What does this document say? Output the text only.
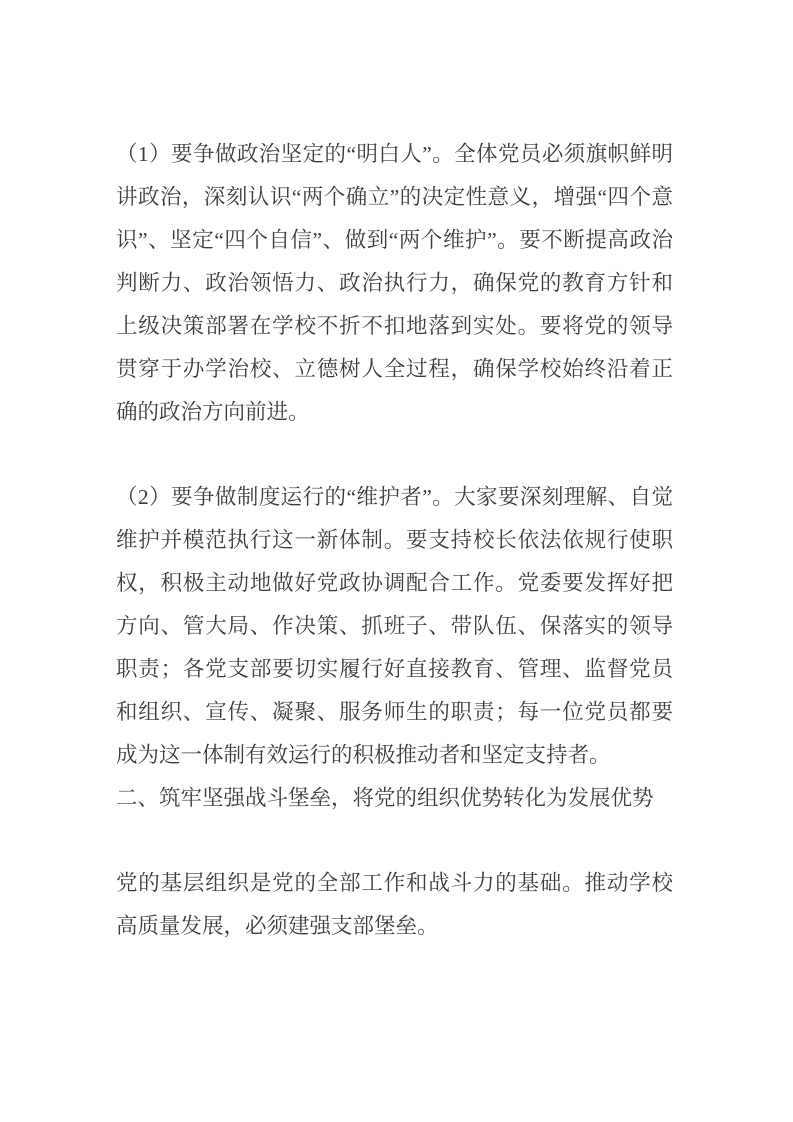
（1）要争做政治坚定的“明白人”。全体党员必须旗帜鲜明讲政治，深刻认识“两个确立”的决定性意义，增强“四个意识”、坚定“四个自信”、做到“两个维护”。要不断提高政治判断力、政治领悟力、政治执行力，确保党的教育方针和上级决策部署在学校不折不扣地落到实处。要将党的领导贯穿于办学治校、立德树人全过程，确保学校始终沿着正确的政治方向前进。

（2）要争做制度运行的“维护者”。大家要深刻理解、自觉维护并模范执行这一新体制。要支持校长依法依规行使职权，积极主动地做好党政协调配合工作。党委要发挥好把方向、管大局、作决策、抓班子、带队伍、保落实的领导职责；各党支部要切实履行好直接教育、管理、监督党员和组织、宣传、凝聚、服务师生的职责；每一位党员都要成为这一体制有效运行的积极推动者和坚定支持者。

二、筑牢坚强战斗堡垒，将党的组织优势转化为发展优势

党的基层组织是党的全部工作和战斗力的基础。推动学校高质量发展，必须建强支部堡垒。
